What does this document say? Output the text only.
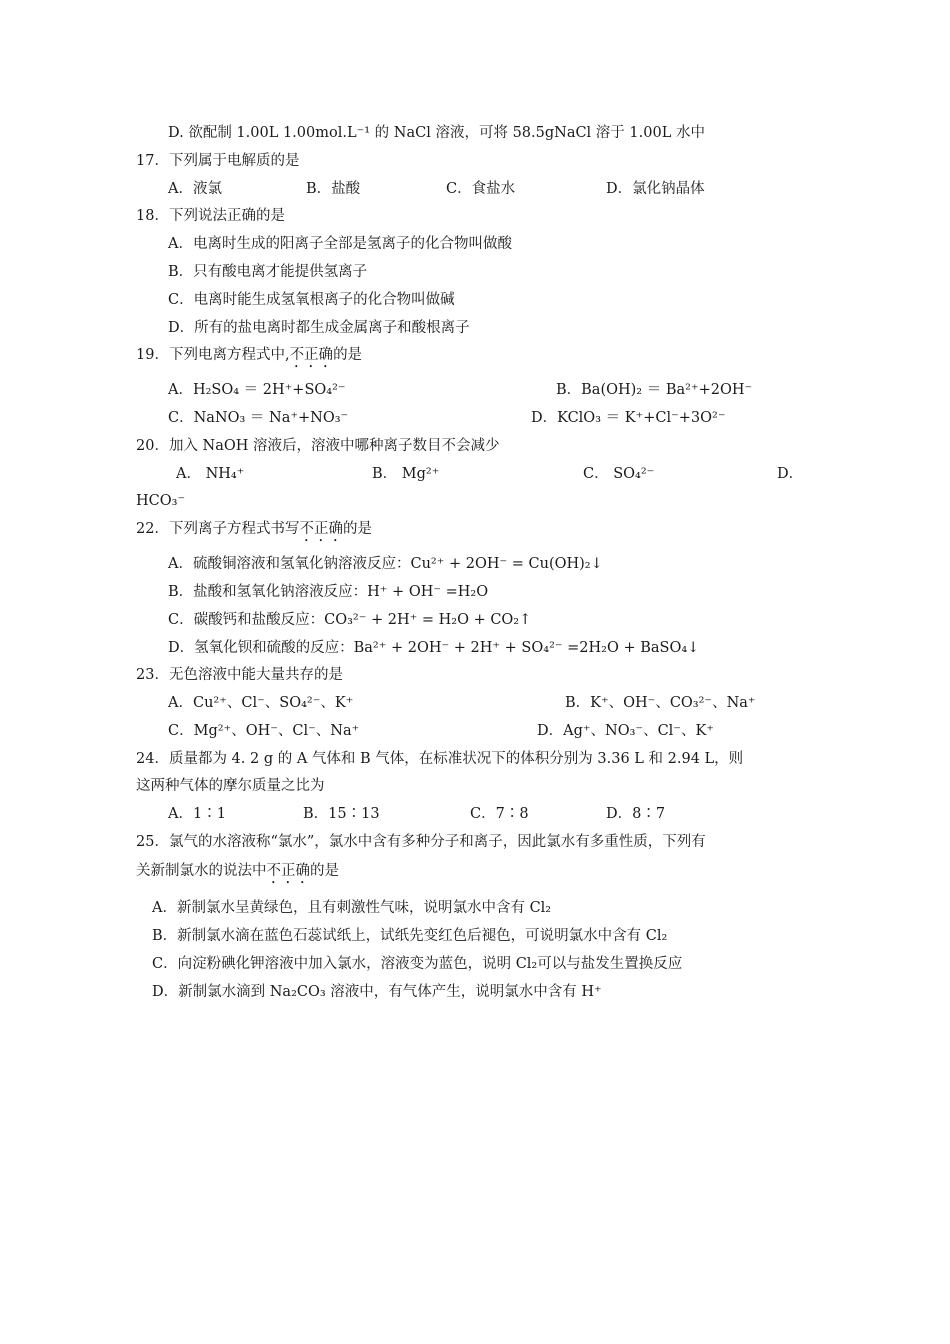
D. 欲配制 1.00L 1.00mol.L⁻¹ 的 NaCl 溶液，可将 58.5gNaCl 溶于 1.00L 水中
17．下列属于电解质的是
A．液氯	B．盐酸	C．食盐水	D．氯化钠晶体
18．下列说法正确的是
A．电离时生成的阳离子全部是氢离子的化合物叫做酸
B．只有酸电离才能提供氢离子
C．电离时能生成氢氧根离子的化合物叫做碱
D．所有的盐电离时都生成金属离子和酸根离子
19．下列电离方程式中,不正确的是
A．H₂SO₄ ＝ 2H⁺+SO₄²⁻	B．Ba(OH)₂ ＝ Ba²⁺+2OH⁻
C．NaNO₃ ＝ Na⁺+NO₃⁻	D．KClO₃ ＝ K⁺+Cl⁻+3O²⁻
20．加入 NaOH 溶液后，溶液中哪种离子数目不会减少
A． NH₄⁺	B． Mg²⁺	C． SO₄²⁻	D．
HCO₃⁻
22．下列离子方程式书写不正确的是
A．硫酸铜溶液和氢氧化钠溶液反应：Cu²⁺ + 2OH⁻ = Cu(OH)₂↓
B．盐酸和氢氧化钠溶液反应：H⁺ + OH⁻ =H₂O
C．碳酸钙和盐酸反应：CO₃²⁻ + 2H⁺ = H₂O + CO₂↑
D．氢氧化钡和硫酸的反应：Ba²⁺ + 2OH⁻ + 2H⁺ + SO₄²⁻ =2H₂O + BaSO₄↓
23．无色溶液中能大量共存的是
A．Cu²⁺、Cl⁻、SO₄²⁻、K⁺	B．K⁺、OH⁻、CO₃²⁻、Na⁺
C．Mg²⁺、OH⁻、Cl⁻、Na⁺	D．Ag⁺、NO₃⁻、Cl⁻、K⁺
24．质量都为 4. 2 g 的 A 气体和 B 气体，在标准状况下的体积分别为 3.36 L 和 2.94 L，则
这两种气体的摩尔质量之比为
A．1∶1	B．15∶13	C．7∶8	D．8∶7
25．氯气的水溶液称“氯水”，氯水中含有多种分子和离子，因此氯水有多重性质，下列有
关新制氯水的说法中不正确的是
A．新制氯水呈黄绿色，且有刺激性气味，说明氯水中含有 Cl₂
B．新制氯水滴在蓝色石蕊试纸上，试纸先变红色后褪色，可说明氯水中含有 Cl₂
C．向淀粉碘化钾溶液中加入氯水，溶液变为蓝色，说明 Cl₂可以与盐发生置换反应
D．新制氯水滴到 Na₂CO₃ 溶液中，有气体产生，说明氯水中含有 H⁺
